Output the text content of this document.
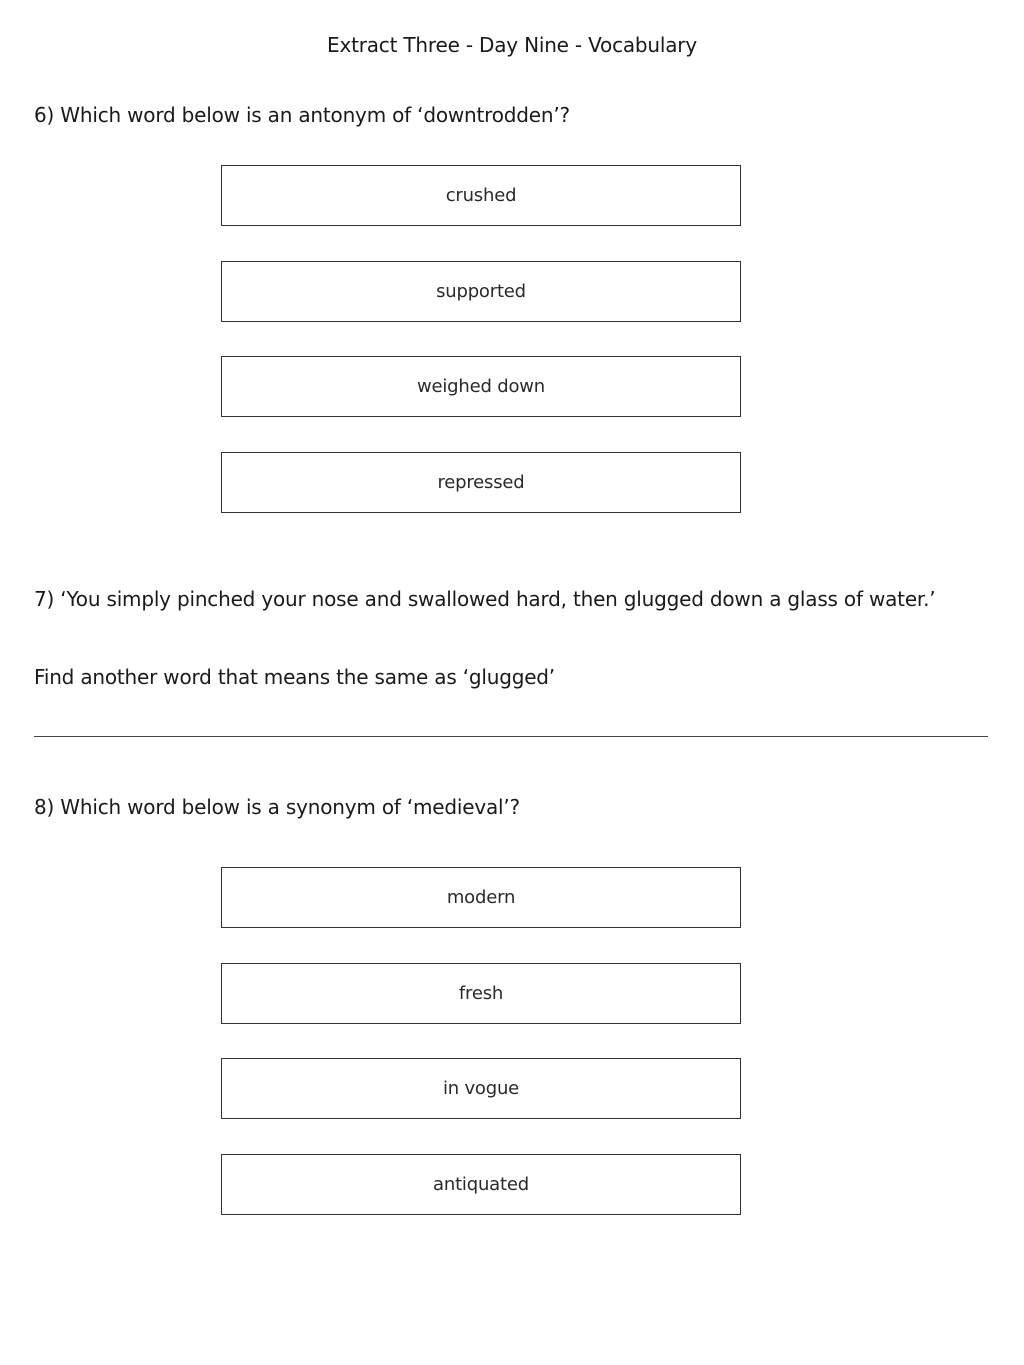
Extract Three - Day Nine - Vocabulary
6) Which word below is an antonym of ‘downtrodden’?
crushed
supported
weighed down
repressed
7) ‘You simply pinched your nose and swallowed hard, then glugged down a glass of water.’
Find another word that means the same as ‘glugged’
8) Which word below is a synonym of ‘medieval’?
modern
fresh
in vogue
antiquated
